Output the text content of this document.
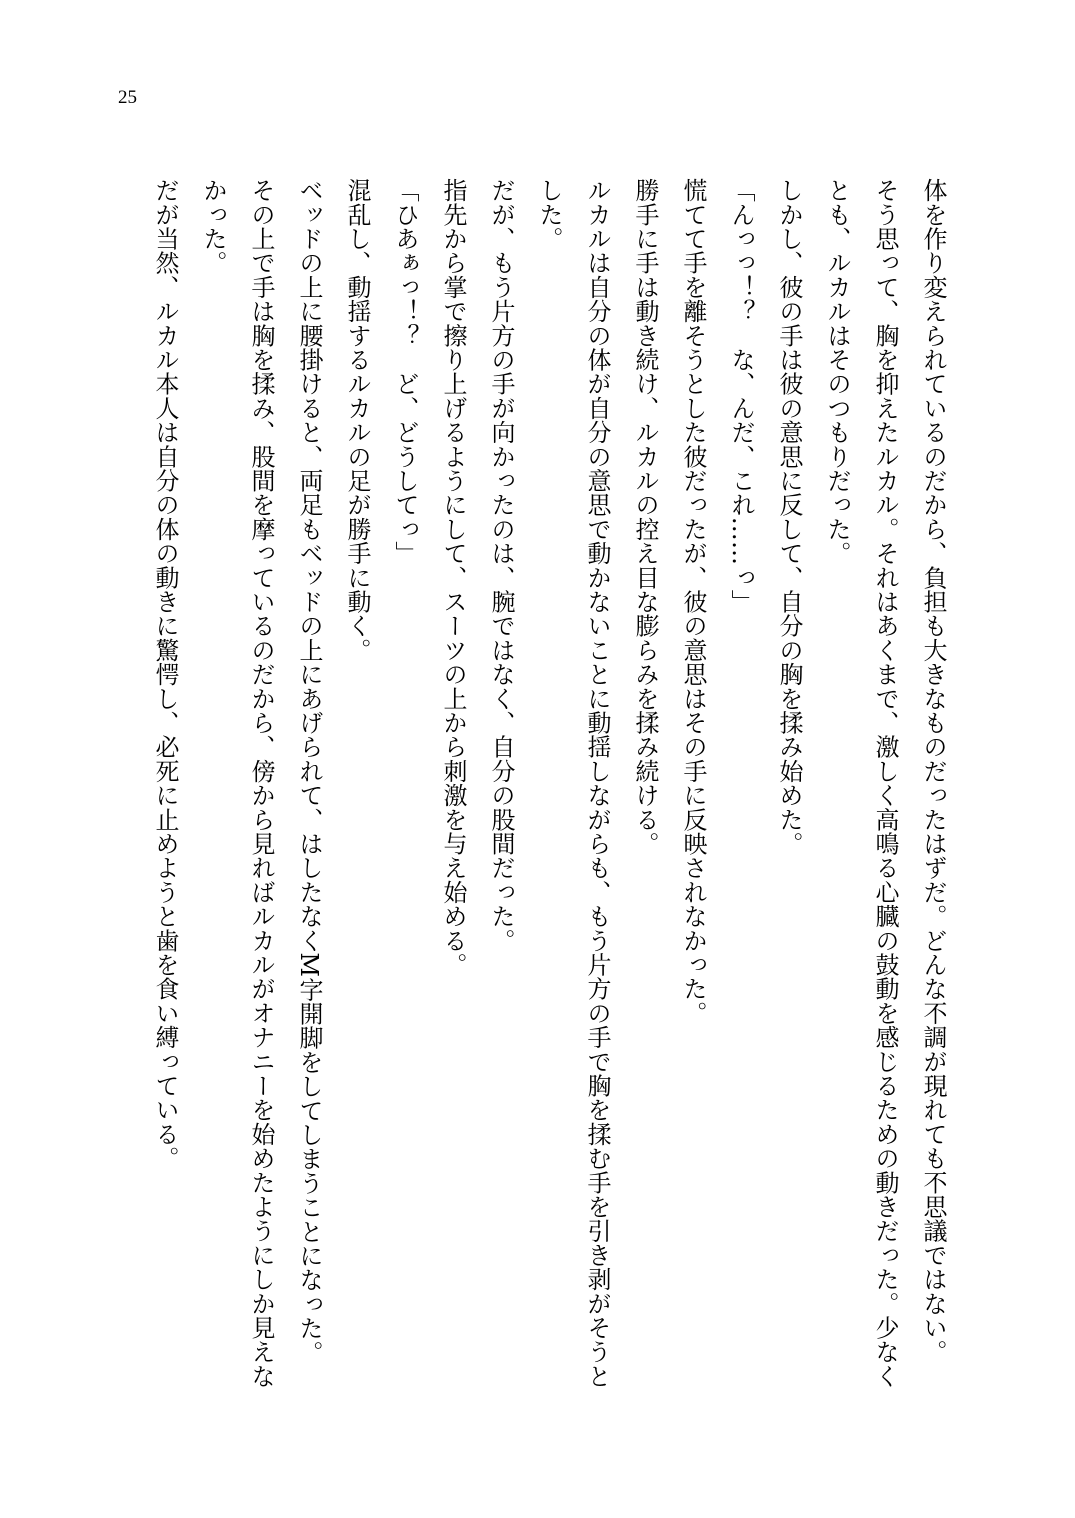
25
体を作り変えられているのだから、負担も大きなものだったはずだ。どんな不調が現れても不思議ではない。
そう思って、胸を抑えたルカル。それはあくまで、激しく高鳴る心臓の鼓動を感じるための動きだった。少なく
とも、ルカルはそのつもりだった。
しかし、彼の手は彼の意思に反して、自分の胸を揉み始めた。
「んっっ！？　な、んだ、これ……っ」
慌てて手を離そうとした彼だったが、彼の意思はその手に反映されなかった。
勝手に手は動き続け、ルカルの控え目な膨らみを揉み続ける。
ルカルは自分の体が自分の意思で動かないことに動揺しながらも、もう片方の手で胸を揉む手を引き剥がそうと
した。
だが、もう片方の手が向かったのは、腕ではなく、自分の股間だった。
指先から掌で擦り上げるようにして、スーツの上から刺激を与え始める。
「ひあぁっ！？　ど、どうしてっ」
混乱し、動揺するルカルの足が勝手に動く。
ベッドの上に腰掛けると、両足もベッドの上にあげられて、はしたなくM字開脚をしてしまうことになった。
その上で手は胸を揉み、股間を摩っているのだから、傍から見ればルカルがオナニーを始めたようにしか見えな
かった。
だが当然、ルカル本人は自分の体の動きに驚愕し、必死に止めようと歯を食い縛っている。
